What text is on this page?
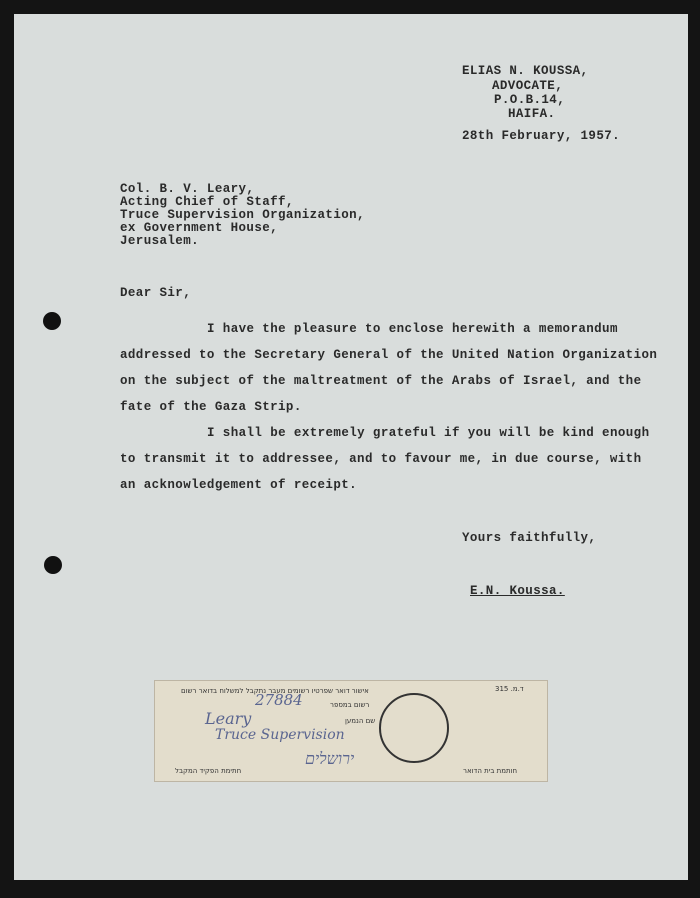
ELIAS N. KOUSSA,
ADVOCATE,
P.O.B.14,
HAIFA.
28th February, 1957.
Col. B. V. Leary,
Acting Chief of Staff,
Truce Supervision Organization,
ex Government House,
Jerusalem.
Dear Sir,
I have the pleasure to enclose herewith a memorandum
addressed to the Secretary General of the United Nation Organization
on the subject of the maltreatment of the Arabs of Israel, and the
fate of the Gaza Strip.
I shall be extremely grateful if you will be kind enough
to transmit it to addressee, and to favour me, in due course, with
an acknowledgement of receipt.
Yours faithfully,
E.N. Koussa.
ד.מ. 315
אישור דואר שפרטיו רשומים מעבר נתקבל למשלוח בדואר רשום
רשום במספר
27884
שם הנמען
Leary
Truce Supervision
ירושלים
חתימת הפקיד המקבל	חותמת בית הדואר
